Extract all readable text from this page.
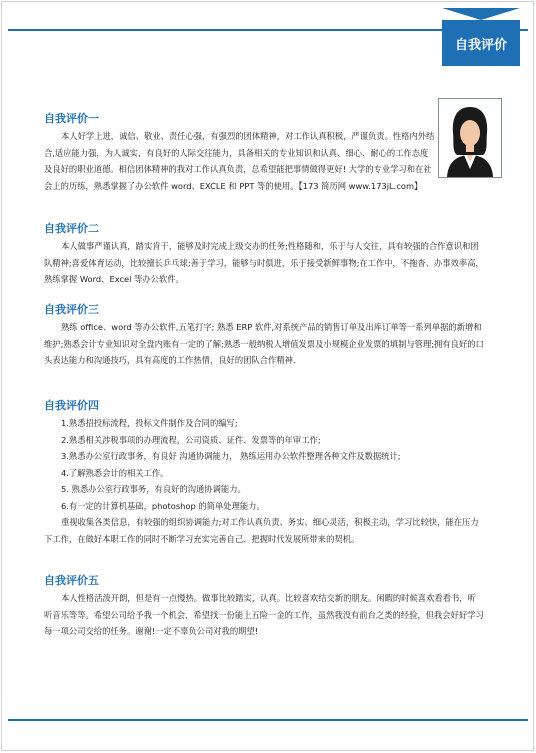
自我评价
自我评价一

本人好学上进，诚信、敬业、责任心强，有强烈的团体精神，对工作认真积极，严谨负责。性格内外结合,适应能力强，为人诚实，有良好的人际交往能力，具备相关的专业知识和认真、细心、耐心的工作态度及良好的职业道德。相信团体精神的我对工作认真负责，总希望能把事情做得更好! 大学的专业学习和在社会上的历练，熟悉掌握了办公软件 word、EXCLE 和 PPT 等的使用。【173 简历网 www.173jL.com】

自我评价二

本人做事严谨认真，踏实肯干，能够及时完成上级交办的任务;性格随和，乐于与人交往，具有较强的合作意识和团队精神;喜爱体育运动，比较擅长乒乓球;善于学习，能够与时俱进，乐于接受新鲜事物;在工作中，不拖沓、办事效率高，熟练掌握 Word、Excel 等办公软件。

自我评价三

熟练 office、word 等办公软件,五笔打字; 熟悉 ERP 软件,对系统产品的销售订单及出库订单等一系列单据的新增和维护;熟悉会计专业知识对全盘内账有一定的了解;熟悉一般纳税人增值发票及小规模企业发票的填制与管理;拥有良好的口头表达能力和沟通技巧，具有高度的工作热情，良好的团队合作精神.

自我评价四

1.熟悉招投标流程，投标文件制作及合同的编写;

2.熟悉相关涉税事项的办理流程，公司资质、证件、发票等的年审工作;

3.熟悉办公室行政事务，有良好 沟通协调能力， 熟练运用办公软件整理各种文件及数据统计;

4.了解熟悉会计的相关工作。

5. 熟悉办公室行政事务，有良好的沟通协调能力。

6.有一定的计算机基础，photoshop 的简单处理能力。

重视收集各类信息，有较强的组织协调能力;对工作认真负责、务实、细心灵活，积极主动，学习比较快，能在压力下工作，在做好本职工作的同时不断学习充实完善自己、把握时代发展所带来的契机。

自我评价五

本人性格活泼开朗，但是有一点慢热。做事比较踏实，认真。比较喜欢结交新的朋友。闲暇的时候喜欢看看书，听听音乐等等。希望公司给予我一个机会，希望找一份能上五险一金的工作，虽然我没有前台之类的经验，但我会好好学习每一项公司交给的任务。谢谢!一定不辜负公司对我的期望!
